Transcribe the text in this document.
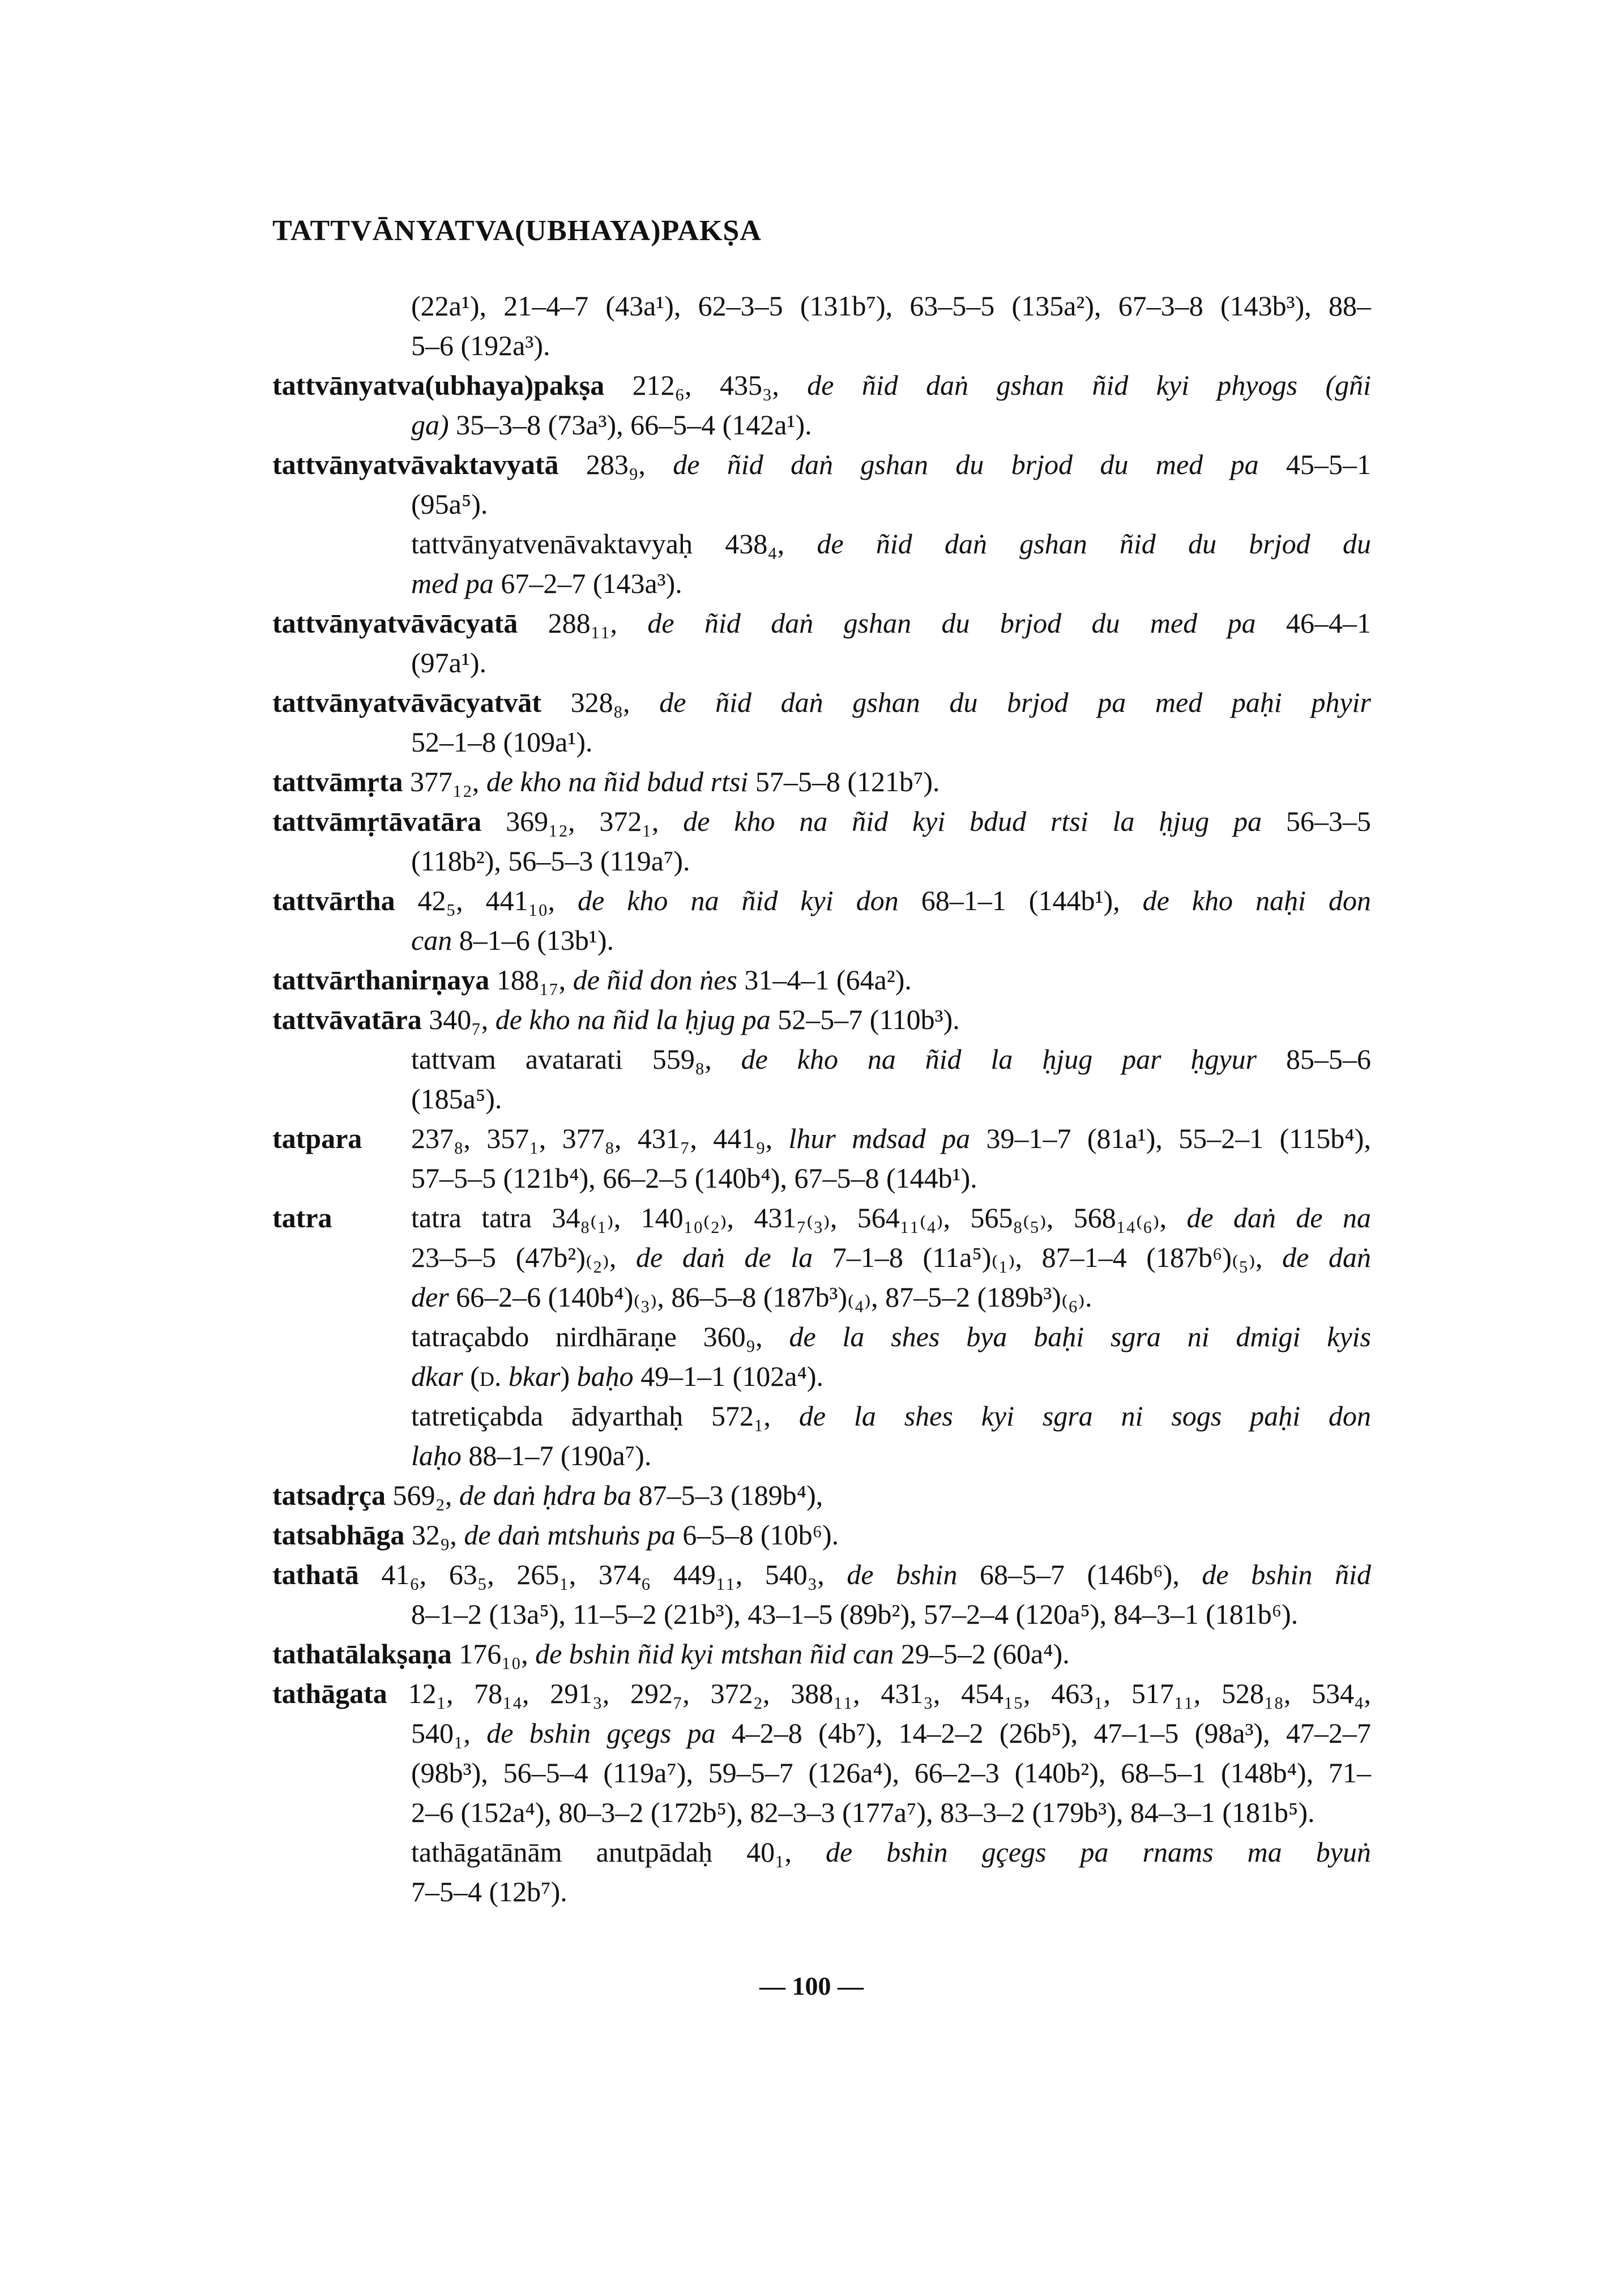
TATTVĀNYATVA(UBHAYA)PAKṢA
(22a¹), 21–4–7 (43a¹), 62–3–5 (131b⁷), 63–5–5 (135a²), 67–3–8 (143b³), 88–
5–6 (192a³).
tattvānyatva(ubhaya)pakṣa 212₆, 435₃, de ñid daṅ gshan ñid kyi phyogs (gñi
ga) 35–3–8 (73a³), 66–5–4 (142a¹).
tattvānyatvāvaktavyatā 283₉, de ñid daṅ gshan du brjod du med pa 45–5–1
(95a⁵).
tattvānyatvenāvaktavyaḥ 438₄, de ñid daṅ gshan ñid du brjod du
med pa 67–2–7 (143a³).
tattvānyatvāvācyatā 288₁₁, de ñid daṅ gshan du brjod du med pa 46–4–1
(97a¹).
tattvānyatvāvācyatvāt 328₈, de ñid daṅ gshan du brjod pa med paḥi phyir
52–1–8 (109a¹).
tattvāmṛta 377₁₂, de kho na ñid bdud rtsi 57–5–8 (121b⁷).
tattvāmṛtāvatāra 369₁₂, 372₁, de kho na ñid kyi bdud rtsi la ḥjug pa 56–3–5
(118b²), 56–5–3 (119a⁷).
tattvārtha 42₅, 441₁₀, de kho na ñid kyi don 68–1–1 (144b¹), de kho naḥi don
can 8–1–6 (13b¹).
tattvārthanirṇaya 188₁₇, de ñid don ṅes 31–4–1 (64a²).
tattvāvatāra 340₇, de kho na ñid la ḥjug pa 52–5–7 (110b³).
tattvam avatarati 559₈, de kho na ñid la ḥjug par ḥgyur 85–5–6
(185a⁵).
tatpara 237₈, 357₁, 377₈, 431₇, 441₉, lhur mdsad pa 39–1–7 (81a¹), 55–2–1 (115b⁴),
57–5–5 (121b⁴), 66–2–5 (140b⁴), 67–5–8 (144b¹).
tatra	tatra tatra 34₈₍₁₎, 140₁₀₍₂₎, 431₇₍₃₎, 564₁₁₍₄₎, 565₈₍₅₎, 568₁₄₍₆₎, de daṅ de na
23–5–5 (47b²)₍₂₎, de daṅ de la 7–1–8 (11a⁵)₍₁₎, 87–1–4 (187b⁶)₍₅₎, de daṅ
der 66–2–6 (140b⁴)₍₃₎, 86–5–8 (187b³)₍₄₎, 87–5–2 (189b³)₍₆₎.
tatraçabdo nirdhāraṇe 360₉, de la shes bya baḥi sgra ni dmigi kyis
dkar (D. bkar) baḥo 49–1–1 (102a⁴).
tatretiçabda ādyarthaḥ 572₁, de la shes kyi sgra ni sogs paḥi don
laḥo 88–1–7 (190a⁷).
tatsadṛça 569₂, de daṅ ḥdra ba 87–5–3 (189b⁴),
tatsabhāga 32₉, de daṅ mtshuṅs pa 6–5–8 (10b⁶).
tathatā 41₆, 63₅, 265₁, 374₆ 449₁₁, 540₃, de bshin 68–5–7 (146b⁶), de bshin ñid
8–1–2 (13a⁵), 11–5–2 (21b³), 43–1–5 (89b²), 57–2–4 (120a⁵), 84–3–1 (181b⁶).
tathatālakṣaṇa 176₁₀, de bshin ñid kyi mtshan ñid can 29–5–2 (60a⁴).
tathāgata 12₁, 78₁₄, 291₃, 292₇, 372₂, 388₁₁, 431₃, 454₁₅, 463₁, 517₁₁, 528₁₈, 534₄,
540₁, de bshin gçegs pa 4–2–8 (4b⁷), 14–2–2 (26b⁵), 47–1–5 (98a³), 47–2–7
(98b³), 56–5–4 (119a⁷), 59–5–7 (126a⁴), 66–2–3 (140b²), 68–5–1 (148b⁴), 71–
2–6 (152a⁴), 80–3–2 (172b⁵), 82–3–3 (177a⁷), 83–3–2 (179b³), 84–3–1 (181b⁵).
tathāgatānām anutpādaḥ 40₁, de bshin gçegs pa rnams ma byuṅ
7–5–4 (12b⁷).
— 100 —
